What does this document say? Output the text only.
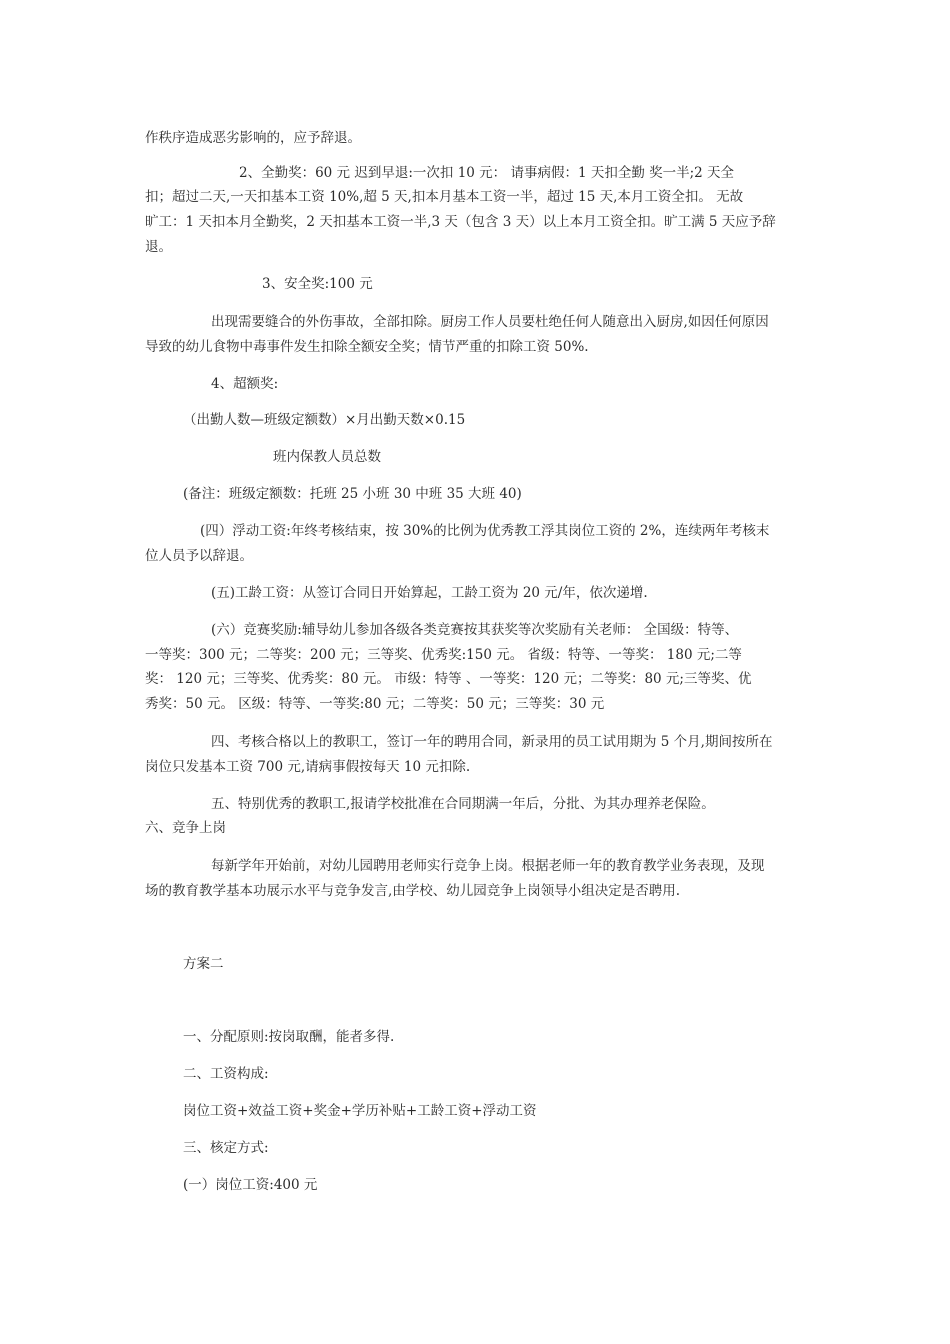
作秩序造成恶劣影响的，应予辞退。
2、全勤奖：60 元 迟到早退:一次扣 10 元： 请事病假：1 天扣全勤 奖一半;2 天全
扣；超过二天,一天扣基本工资 10%,超 5 天,扣本月基本工资一半，超过 15 天,本月工资全扣。 无故
旷工：1 天扣本月全勤奖，2 天扣基本工资一半,3 天（包含 3 天）以上本月工资全扣。旷工满 5 天应予辞
退。
3、安全奖:100 元
出现需要缝合的外伤事故，全部扣除。厨房工作人员要杜绝任何人随意出入厨房,如因任何原因
导致的幼儿食物中毒事件发生扣除全额安全奖；情节严重的扣除工资 50%.
4、超额奖:
（出勤人数—班级定额数）×月出勤天数×0.15
班内保教人员总数
(备注：班级定额数：托班 25 小班 30 中班 35 大班 40)
(四）浮动工资:年终考核结束，按 30%的比例为优秀教工浮其岗位工资的 2%，连续两年考核末
位人员予以辞退。
(五)工龄工资：从签订合同日开始算起，工龄工资为 20 元/年，依次递增.
(六）竞赛奖励:辅导幼儿参加各级各类竞赛按其获奖等次奖励有关老师： 全国级：特等、
一等奖：300 元；二等奖：200 元；三等奖、优秀奖:150 元。 省级：特等、一等奖： 180 元;二等
奖： 120 元；三等奖、优秀奖：80 元。 市级：特等 、一等奖：120 元；二等奖：80 元;三等奖、优
秀奖：50 元。 区级：特等、一等奖:80 元；二等奖：50 元；三等奖：30 元
四、考核合格以上的教职工，签订一年的聘用合同，新录用的员工试用期为 5 个月,期间按所在
岗位只发基本工资 700 元,请病事假按每天 10 元扣除.
五、特别优秀的教职工,报请学校批准在合同期满一年后，分批、为其办理养老保险。
六、竞争上岗
每新学年开始前，对幼儿园聘用老师实行竞争上岗。根据老师一年的教育教学业务表现，及现
场的教育教学基本功展示水平与竞争发言,由学校、幼儿园竞争上岗领导小组决定是否聘用.
方案二
一、分配原则:按岗取酬，能者多得.
二、工资构成:
岗位工资+效益工资+奖金+学历补贴+工龄工资+浮动工资
三、核定方式:
(一）岗位工资:400 元
